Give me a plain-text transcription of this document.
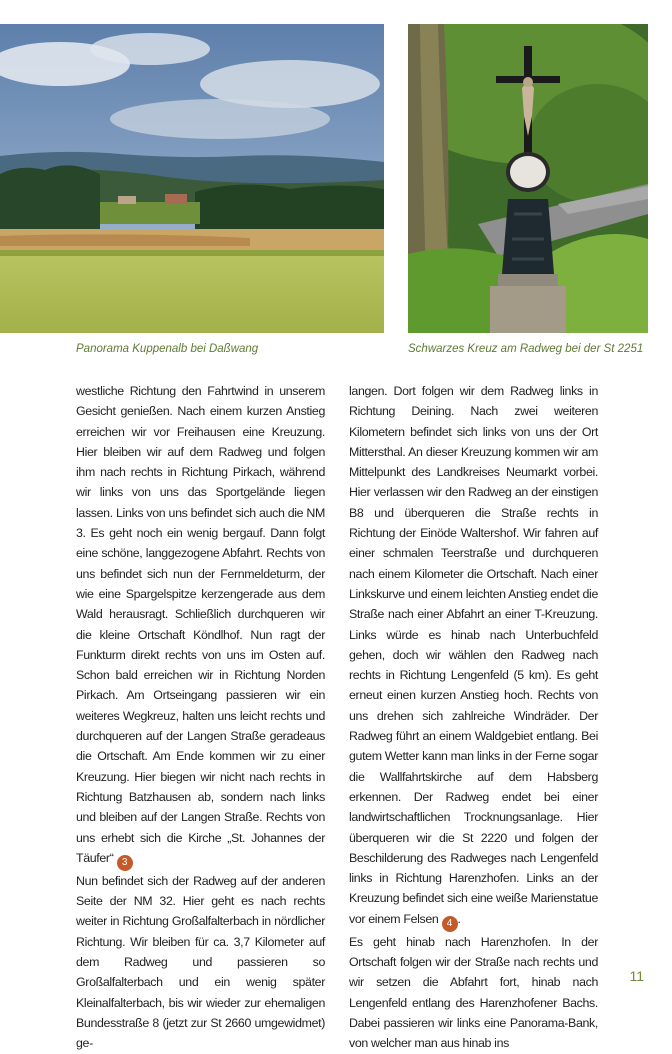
Panorama Kuppenalb bei Daßwang	Schwarzes Kreuz am Radweg bei der St 2251

westliche Richtung den Fahrtwind in unserem Gesicht genießen. Nach einem kurzen Anstieg erreichen wir vor Freihausen eine Kreuzung. Hier bleiben wir auf dem Radweg und folgen ihm nach rechts in Richtung Pirkach, während wir links von uns das Sportgelände liegen lassen. Links von uns befindet sich auch die NM 3. Es geht noch ein wenig bergauf. Dann folgt eine schöne, langgezogene Abfahrt. Rechts von uns befindet sich nun der Fernmeldeturm, der wie eine Spargelspitze kerzengerade aus dem Wald herausragt. Schließlich durchqueren wir die kleine Ortschaft Köndlhof. Nun ragt der Funkturm direkt rechts von uns im Osten auf. Schon bald erreichen wir in Richtung Norden Pirkach. Am Ortseingang passieren wir ein weiteres Wegkreuz, halten uns leicht rechts und durchqueren auf der Langen Straße geradeaus die Ortschaft. Am Ende kommen wir zu einer Kreuzung. Hier biegen wir nicht nach rechts in Richtung Batzhausen ab, sondern nach links und bleiben auf der Langen Straße. Rechts von uns erhebt sich die Kirche „St. Johannes der Täufer“ 3

Nun befindet sich der Radweg auf der anderen Seite der NM 32. Hier geht es nach rechts weiter in Richtung Großalfalterbach in nördlicher Richtung. Wir bleiben für ca. 3,7 Kilometer auf dem Radweg und passieren so Großalfalterbach und ein wenig später Kleinalfalterbach, bis wir wieder zur ehemaligen Bundesstraße 8 (jetzt zur St 2660 umgewidmet) ge-

langen. Dort folgen wir dem Radweg links in Richtung Deining. Nach zwei weiteren Kilometern befindet sich links von uns der Ort Mittersthal. An dieser Kreuzung kommen wir am Mittelpunkt des Landkreises Neumarkt vorbei. Hier verlassen wir den Radweg an der einstigen B8 und überqueren die Straße rechts in Richtung der Einöde Waltershof. Wir fahren auf einer schmalen Teerstraße und durchqueren nach einem Kilometer die Ortschaft. Nach einer Linkskurve und einem leichten Anstieg endet die Straße nach einer Abfahrt an einer T-Kreuzung. Links würde es hinab nach Unterbuchfeld gehen, doch wir wählen den Radweg nach rechts in Richtung Lengenfeld (5 km). Es geht erneut einen kurzen Anstieg hoch. Rechts von uns drehen sich zahlreiche Windräder. Der Radweg führt an einem Waldgebiet entlang. Bei gutem Wetter kann man links in der Ferne sogar die Wallfahrtskirche auf dem Habsberg erkennen. Der Radweg endet bei einer landwirtschaftlichen Trocknungsanlage. Hier überqueren wir die St 2220 und folgen der Beschilderung des Radweges nach Lengenfeld links in Richtung Harenzhofen. Links an der Kreuzung befindet sich eine weiße Marienstatue vor einem Felsen 4 .

Es geht hinab nach Harenzhofen. In der Ortschaft folgen wir der Straße nach rechts und wir setzen die Abfahrt fort, hinab nach Lengenfeld entlang des Harenzhofener Bachs. Dabei passieren wir links eine Panorama-Bank, von welcher man aus hinab ins

11
